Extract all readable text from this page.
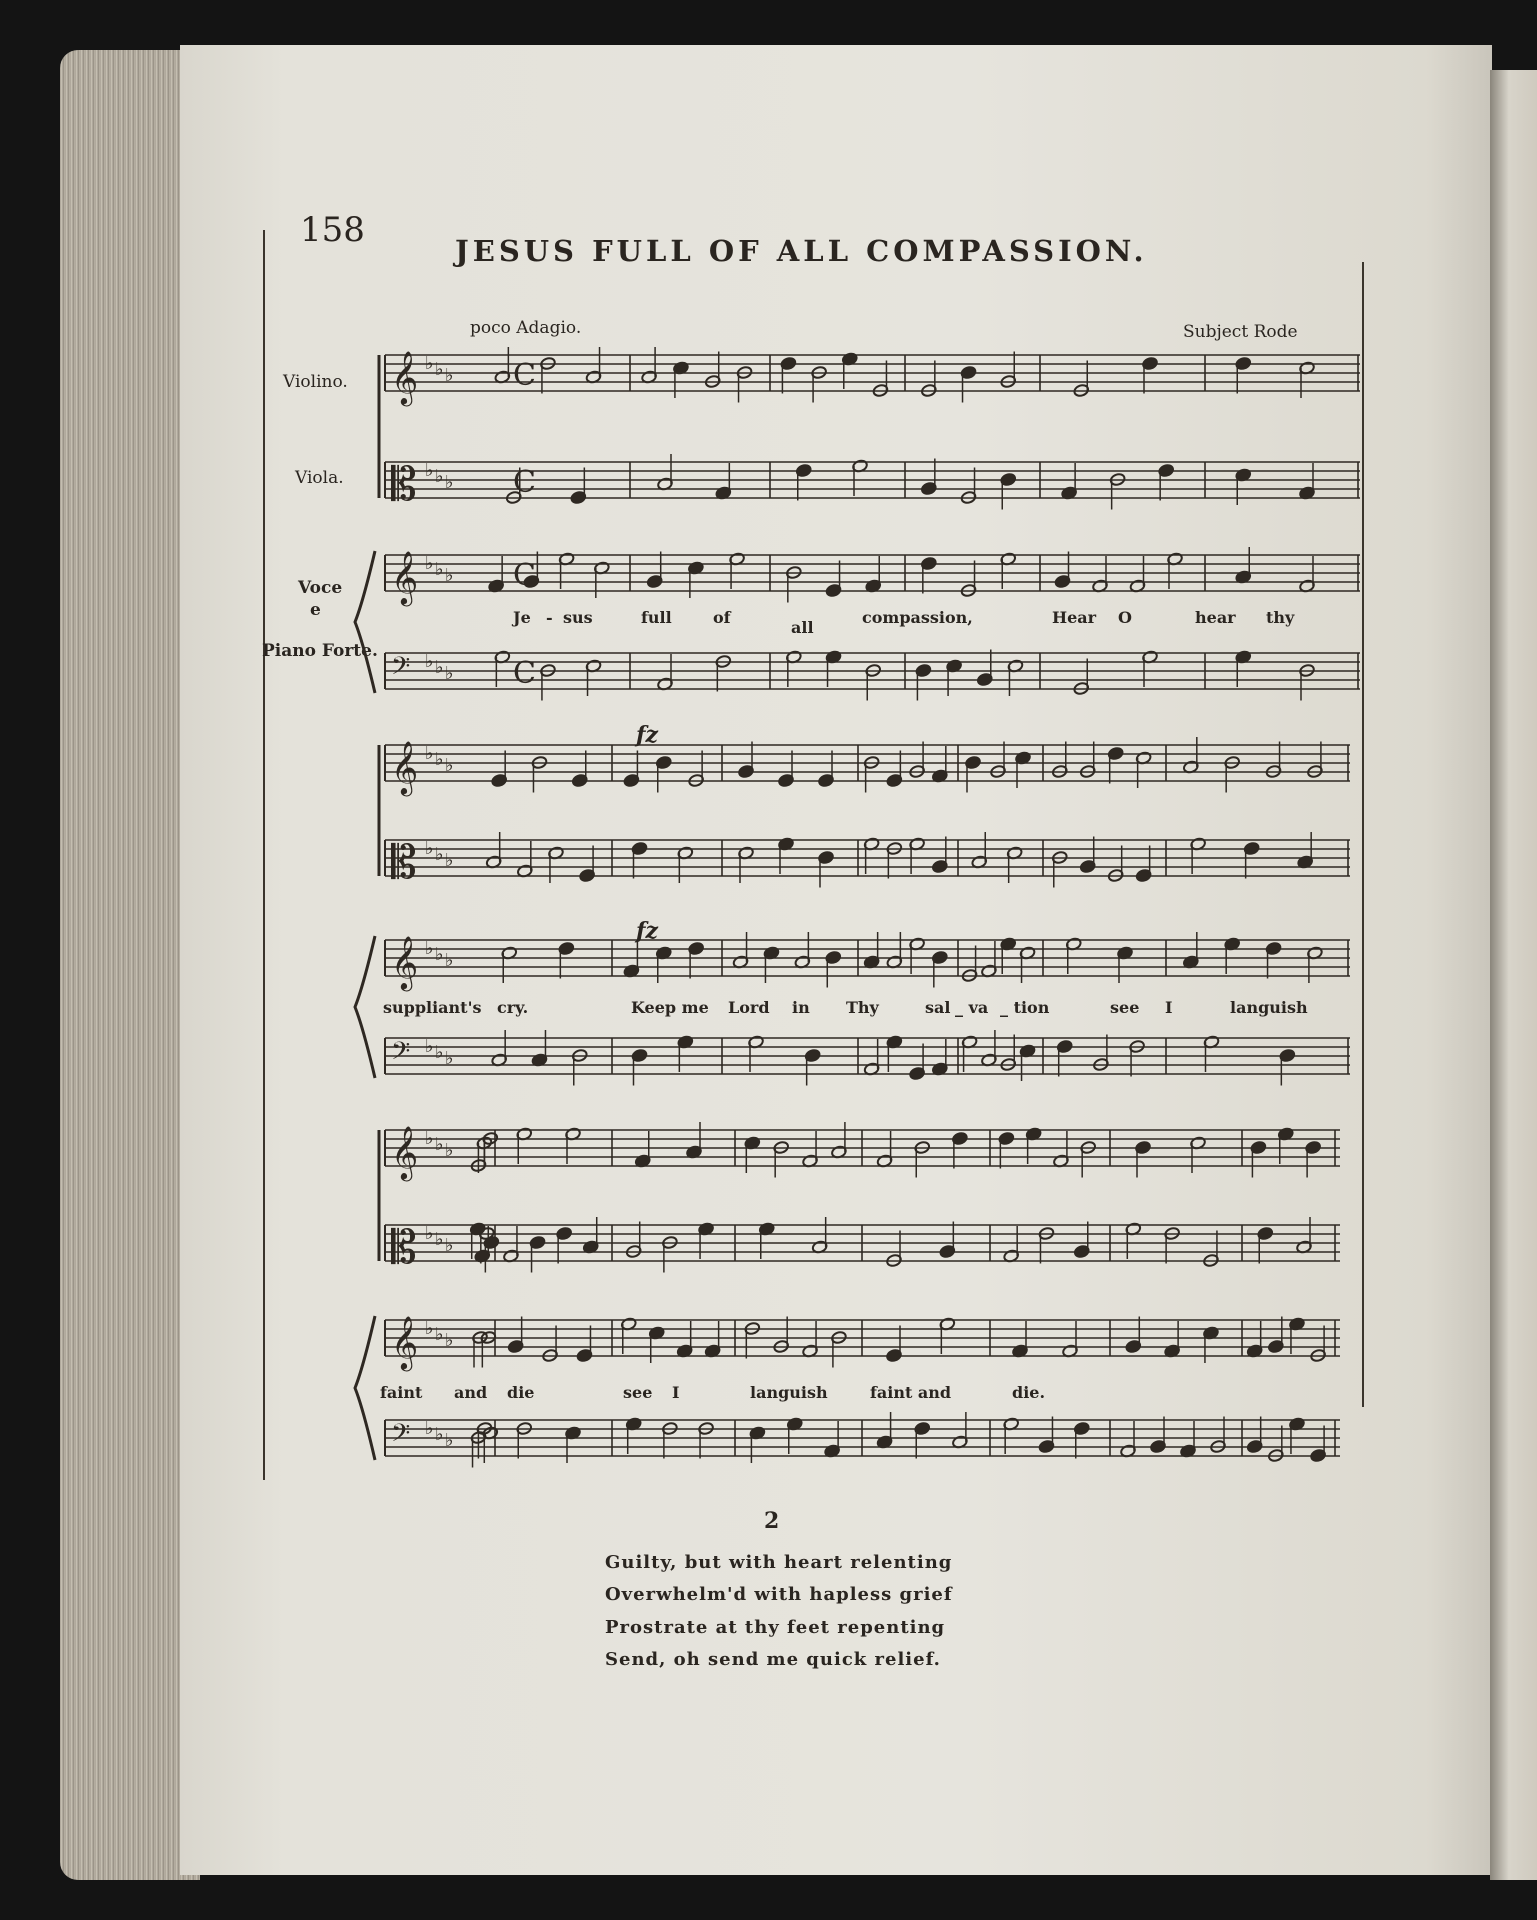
158
JESUS FULL OF ALL COMPASSION.
poco Adagio.	Subject Rode
Violino.
Viola.
Voce
e
Piano Forte.
𝄞 ♭ ♭ ♭
𝄡 ♭ ♭ ♭
𝄞 ♭ ♭ ♭
𝄢 ♭ ♭ ♭
𝄞 ♭ ♭ ♭
𝄡 ♭ ♭ ♭
𝄞 ♭ ♭ ♭
𝄢 ♭ ♭ ♭
𝄞 ♭ ♭ ♭
𝄡 ♭ ♭ ♭
𝄞 ♭ ♭ ♭
𝄢 ♭ ♭ ♭
C
C
C
C
fz
fz
Je - sus	full	of
all
compassion,	Hear O	hear thy
suppliant's cry.	Keep me Lord in Thy	sal _ va _ tion	see I	languish
faint and die	see I	languish	faint and	die.
2
Guilty, but with heart relenting
Overwhelm'd with hapless grief
Prostrate at thy feet repenting
Send, oh send me quick relief.
